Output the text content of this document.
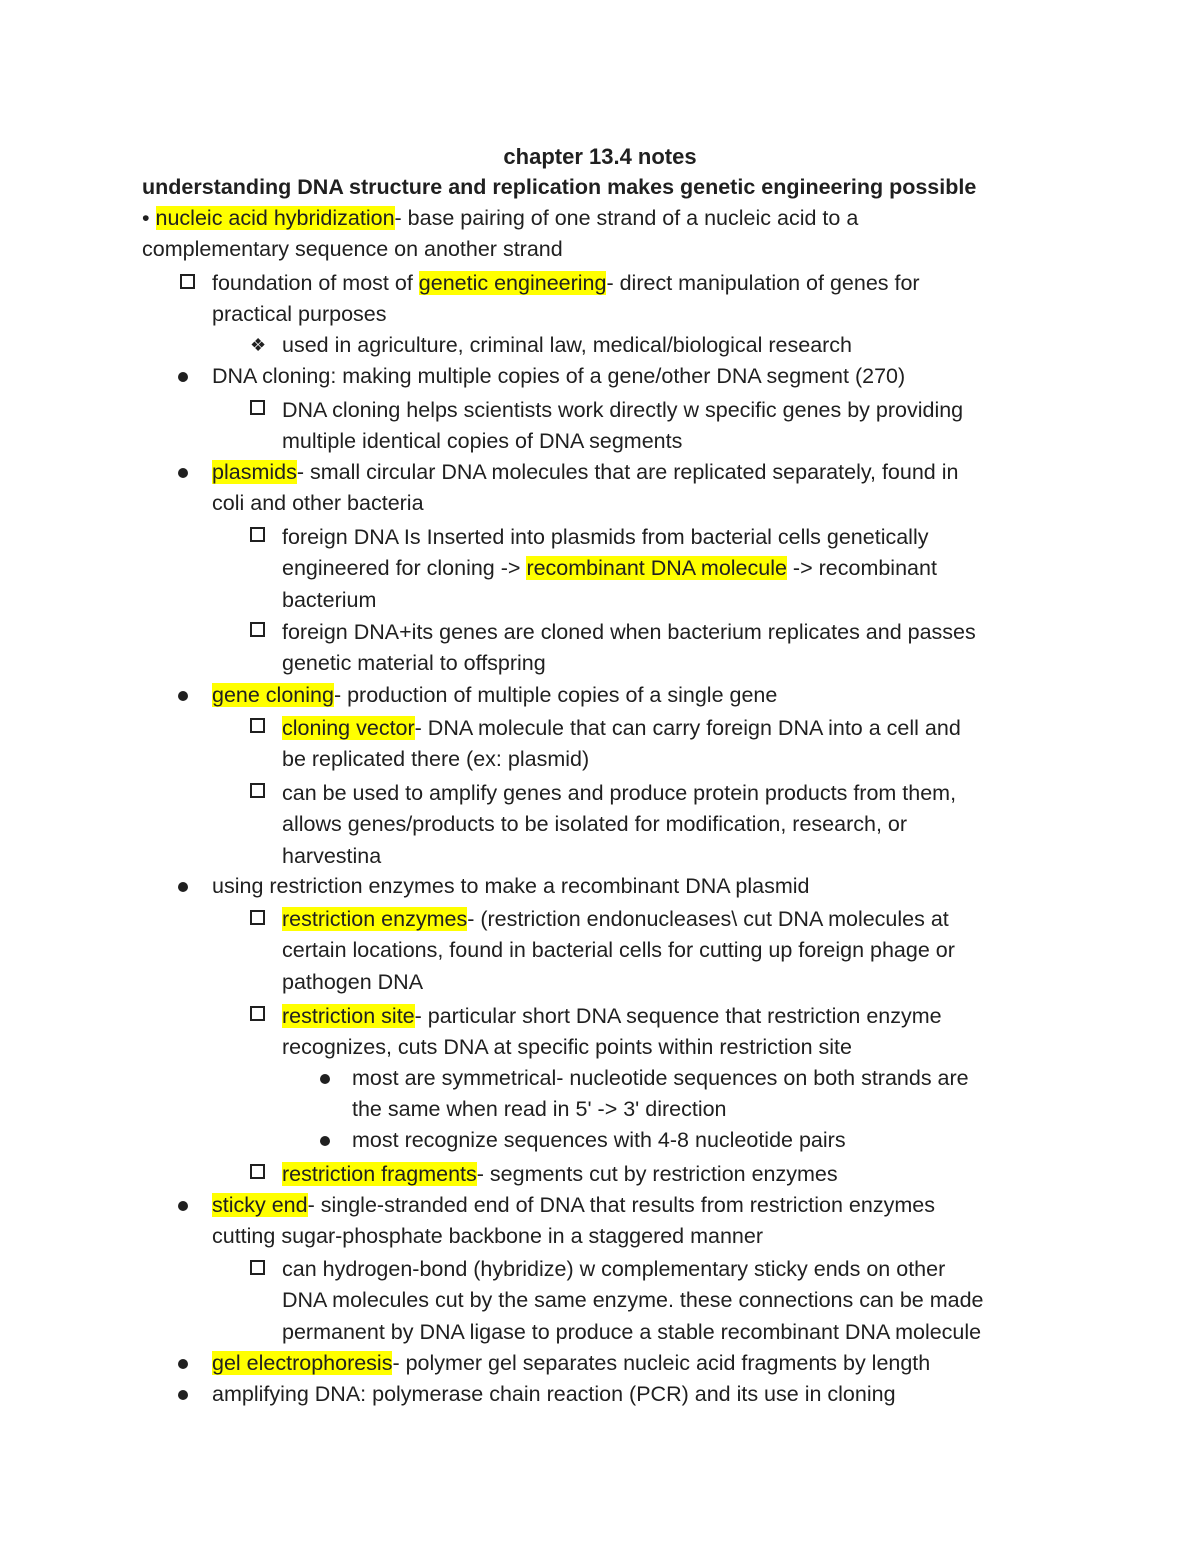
chapter 13.4 notes
understanding DNA structure and replication makes genetic engineering possible
• nucleic acid hybridization- base pairing of one strand of a nucleic acid to a
complementary sequence on another strand
foundation of most of genetic engineering- direct manipulation of genes for
practical purposes
❖ used in agriculture, criminal law, medical/biological research
DNA cloning: making multiple copies of a gene/other DNA segment (270)
DNA cloning helps scientists work directly w specific genes by providing
multiple identical copies of DNA segments
plasmids- small circular DNA molecules that are replicated separately, found in
coli and other bacteria
foreign DNA Is Inserted into plasmids from bacterial cells genetically
engineered for cloning -> recombinant DNA molecule -> recombinant
bacterium
foreign DNA+its genes are cloned when bacterium replicates and passes
genetic material to offspring
gene cloning- production of multiple copies of a single gene
cloning vector- DNA molecule that can carry foreign DNA into a cell and
be replicated there (ex: plasmid)
can be used to amplify genes and produce protein products from them,
allows genes/products to be isolated for modification, research, or
harvestina
using restriction enzymes to make a recombinant DNA plasmid
restriction enzymes- (restriction endonucleases\ cut DNA molecules at
certain locations, found in bacterial cells for cutting up foreign phage or
pathogen DNA
restriction site- particular short DNA sequence that restriction enzyme
recognizes, cuts DNA at specific points within restriction site
most are symmetrical- nucleotide sequences on both strands are
the same when read in 5' -> 3' direction
most recognize sequences with 4-8 nucleotide pairs
restriction fragments- segments cut by restriction enzymes
sticky end- single-stranded end of DNA that results from restriction enzymes
cutting sugar-phosphate backbone in a staggered manner
can hydrogen-bond (hybridize) w complementary sticky ends on other
DNA molecules cut by the same enzyme. these connections can be made
permanent by DNA ligase to produce a stable recombinant DNA molecule
gel electrophoresis- polymer gel separates nucleic acid fragments by length
amplifying DNA: polymerase chain reaction (PCR) and its use in cloning
